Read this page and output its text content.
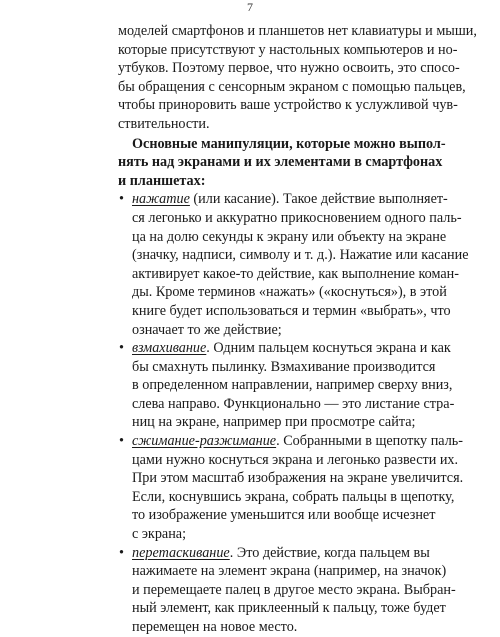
7
моделей смартфонов и планшетов нет клавиатуры и мыши,
которые присутствуют у настольных компьютеров и но-
утбуков. Поэтому первое, что нужно освоить, это спосо-
бы обращения с сенсорным экраном с помощью пальцев,
чтобы приноровить ваше устройство к услужливой чув-
ствительности.
Основные манипуляции, которые можно выпол-
нять над экранами и их элементами в смартфонах
и планшетах:
• нажатие (или касание). Такое действие выполняет-
ся легонько и аккуратно прикосновением одного паль-
ца на долю секунды к экрану или объекту на экране
(значку, надписи, символу и т. д.). Нажатие или касание
активирует какое-то действие, как выполнение коман-
ды. Кроме терминов «нажать» («коснуться»), в этой
книге будет использоваться и термин «выбрать», что
означает то же действие;
• взмахивание. Одним пальцем коснуться экрана и как
бы смахнуть пылинку. Взмахивание производится
в определенном направлении, например сверху вниз,
слева направо. Функционально — это листание стра-
ниц на экране, например при просмотре сайта;
• сжимание-разжимание. Собранными в щепотку паль-
цами нужно коснуться экрана и легонько развести их.
При этом масштаб изображения на экране увеличится.
Если, коснувшись экрана, собрать пальцы в щепотку,
то изображение уменьшится или вообще исчезнет
с экрана;
• перетаскивание. Это действие, когда пальцем вы
нажимаете на элемент экрана (например, на значок)
и перемещаете палец в другое место экрана. Выбран-
ный элемент, как приклеенный к пальцу, тоже будет
перемещен на новое место.
